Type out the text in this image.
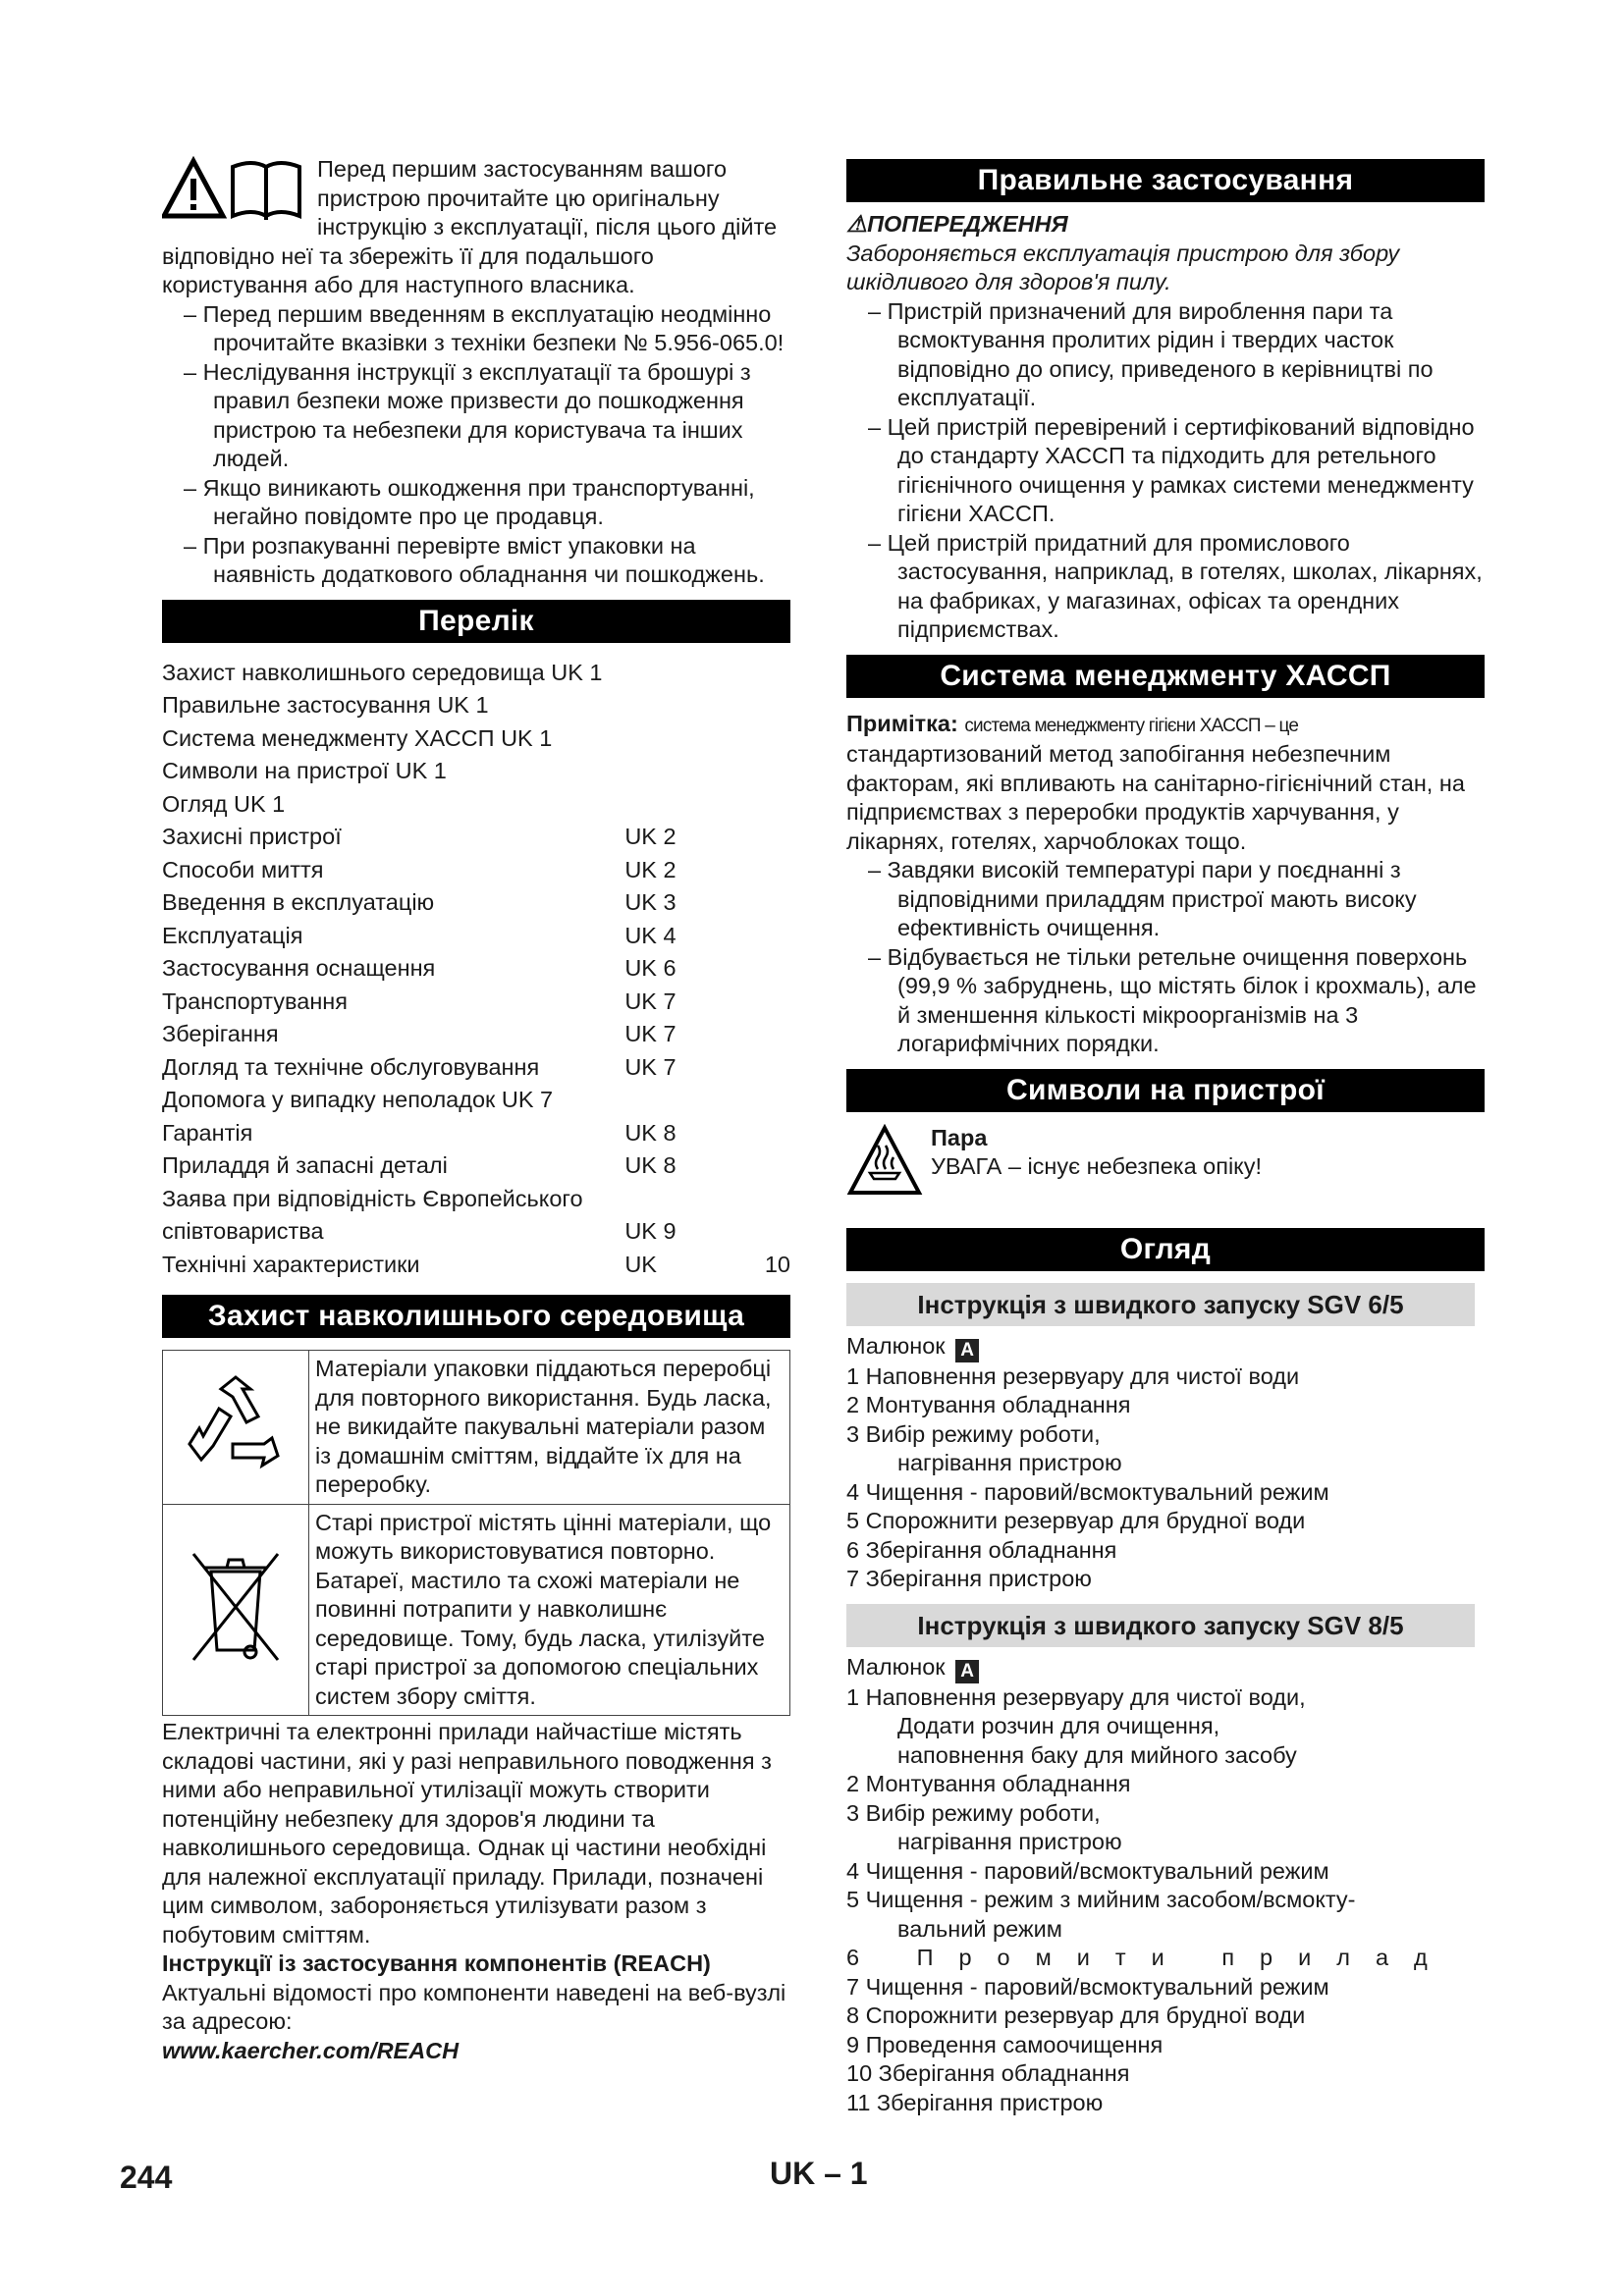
Перед першим застосуванням вашого пристрою прочитайте цю оригінальну інструкцію з експлуатації, після цього дійте відповідно неї та збережіть її для подальшого користування або для наступного власника.

– Перед першим введенням в експлуатацію неодмінно прочитайте вказівки з техніки безпеки № 5.956-065.0!

– Неслідування інструкції з експлуатації та брошурі з правил безпеки може призвести до пошкодження пристрою та небезпеки для користувача та інших людей.

– Якщо виникають ошкодження при транспортуванні, негайно повідомте про це продавця.

– При розпакуванні перевірте вміст упаковки на наявність додаткового обладнання чи пошкоджень.

Перелік
Захист навколишнього середовища UK 1
Правильне застосування UK 1
Система менеджменту ХАССП UK 1
Символи на пристрої UK 1
Огляд UK 1
Захисні пристрої	UK 2
Способи миття	UK 2
Введення в експлуатацію	UK 3
Експлуатація	UK 4
Застосування оснащення	UK 6
Транспортування	UK 7
Зберігання	UK 7
Догляд та технічне обслуговування	UK 7
Допомога у випадку неполадок UK 7
Гарантія	UK 8
Приладдя й запасні деталі	UK 8
Заява при відповідність Європейського
співтовариства	UK 9
Технічні характеристики	UK	10
Захист навколишнього середовища
	Матеріали упаковки піддаються переробці для повторного використання. Будь ласка, не викидайте пакувальні матеріали разом із домашнім сміттям, віддайте їх для на переробку.
	Старі пристрої містять цінні матеріали, що можуть використовуватися повторно. Батареї, мастило та схожі матеріали не повинні потрапити у навколишнє середовище. Тому, будь ласка, утилізуйте старі пристрої за допомогою спеціальних систем збору сміття.

Електричні та електронні прилади найчастіше містять складові частини, які у разі неправильного поводження з ними або неправильної утилізації можуть створити потенційну небезпеку для здоров'я людини та навколишнього середовища. Однак ці частини необхідні для належної експлуатації приладу. Прилади, позначені цим символом, забороняється утилізувати разом з побутовим сміттям.

Інструкції із застосування компонентів (REACH)

Актуальні відомості про компоненти наведені на веб-вузлі за адресою:

www.kaercher.com/REACH

Правильне застосування

⚠ПОПЕРЕДЖЕННЯ

Забороняється експлуатація пристрою для збору шкідливого для здоров'я пилу.

– Пристрій призначений для вироблення пари та всмоктування пролитих рідин і твердих часток відповідно до опису, приведеного в керівництві по експлуатації.

– Цей пристрій перевірений і сертифікований відповідно до стандарту ХАССП та підходить для ретельного гігієнічного очищення у рамках системи менеджменту гігієни ХАССП.

– Цей пристрій придатний для промислового застосування, наприклад, в готелях, школах, лікарнях, на фабриках, у магазинах, офісах та орендних підприємствах.

Система менеджменту ХАССП

Примітка: система менеджменту гігієни ХАССП – це

стандартизований метод запобігання небезпечним факторам, які впливають на санітарно-гігієнічний стан, на підприємствах з переробки продуктів харчування, у лікарнях, готелях, харчоблоках тощо.

– Завдяки високій температурі пари у поєднанні з відповідними приладдям пристрої мають високу ефективність очищення.

– Відбувається не тільки ретельне очищення поверхонь (99,9 % забруднень, що містять білок і крохмаль), але й зменшення кількості мікроорганізмів на 3 логарифмічних порядки.

Символи на пристрої

Пара

УВАГА – існує небезпека опіку!

Огляд
Інструкція з швидкого запуску SGV 6/5

Малюнок A

1 Наповнення резервуару для чистої води

2 Монтування обладнання

3 Вибір режиму роботи,

нагрівання пристрою

4 Чищення - паровий/всмоктувальний режим

5 Спорожнити резервуар для брудної води

6 Зберігання обладнання

7 Зберігання пристрою

Інструкція з швидкого запуску SGV 8/5

Малюнок A

1 Наповнення резервуару для чистої води,

Додати розчин для очищення,

наповнення баку для мийного засобу

2 Монтування обладнання

3 Вибір режиму роботи,

нагрівання пристрою

4 Чищення - паровий/всмоктувальний режим

5 Чищення - режим з мийним засобом/всмокту-

вальний режим

6 Промити прилад

7 Чищення - паровий/всмоктувальний режим

8 Спорожнити резервуар для брудної води

9 Проведення самоочищення

10 Зберігання обладнання

11 Зберігання пристрою

244	UK – 1
